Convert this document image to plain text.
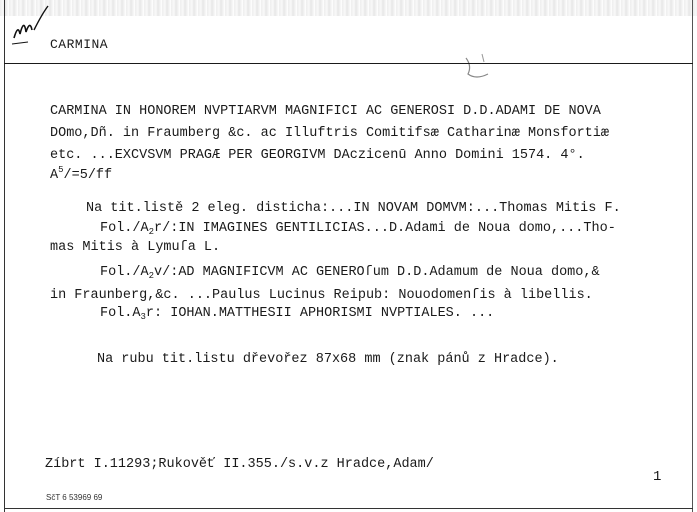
CARMINA
CARMINA IN HONOREM NVPTIARVM MAGNIFICI AC GENEROSI D.D.ADAMI DE NOVA
DOmo,Dñ. in Fraumberg &c. ac Illuftris Comitifsæ Catharinæ Monsfortiæ
etc. ...EXCVSVM PRAGÆ PER GEORGIVM DAczicenū Anno Domini 1574. 4°.
$A^5/=5/ff$
Na tit.listě 2 eleg. disticha:...IN NOVAM DOMVM:...Thomas Mitis F.
$Fol./A_2r/:IN$ IMAGINES GENTILICIAS...D.Adami de Noua domo,...Tho-
mas Mitis à Lymuſa L.
$Fol./A_2v/:AD$ MAGNIFICVM AC GENEROſum D.D.Adamum de Noua domo,&
in Fraunberg,&c. ...Paulus Lucinus Reipub: Nouodomenſis à libellis.
$Fol.A_3r$: IOHAN.MATTHESII APHORISMI NVPTIALES. ...
Na rubu tit.listu dřevořez 87x68 mm (znak pánů z Hradce).
Zíbrt I.11293;Rukověť II.355./s.v.z Hradce,Adam/
1
SčT 6 53969 69
